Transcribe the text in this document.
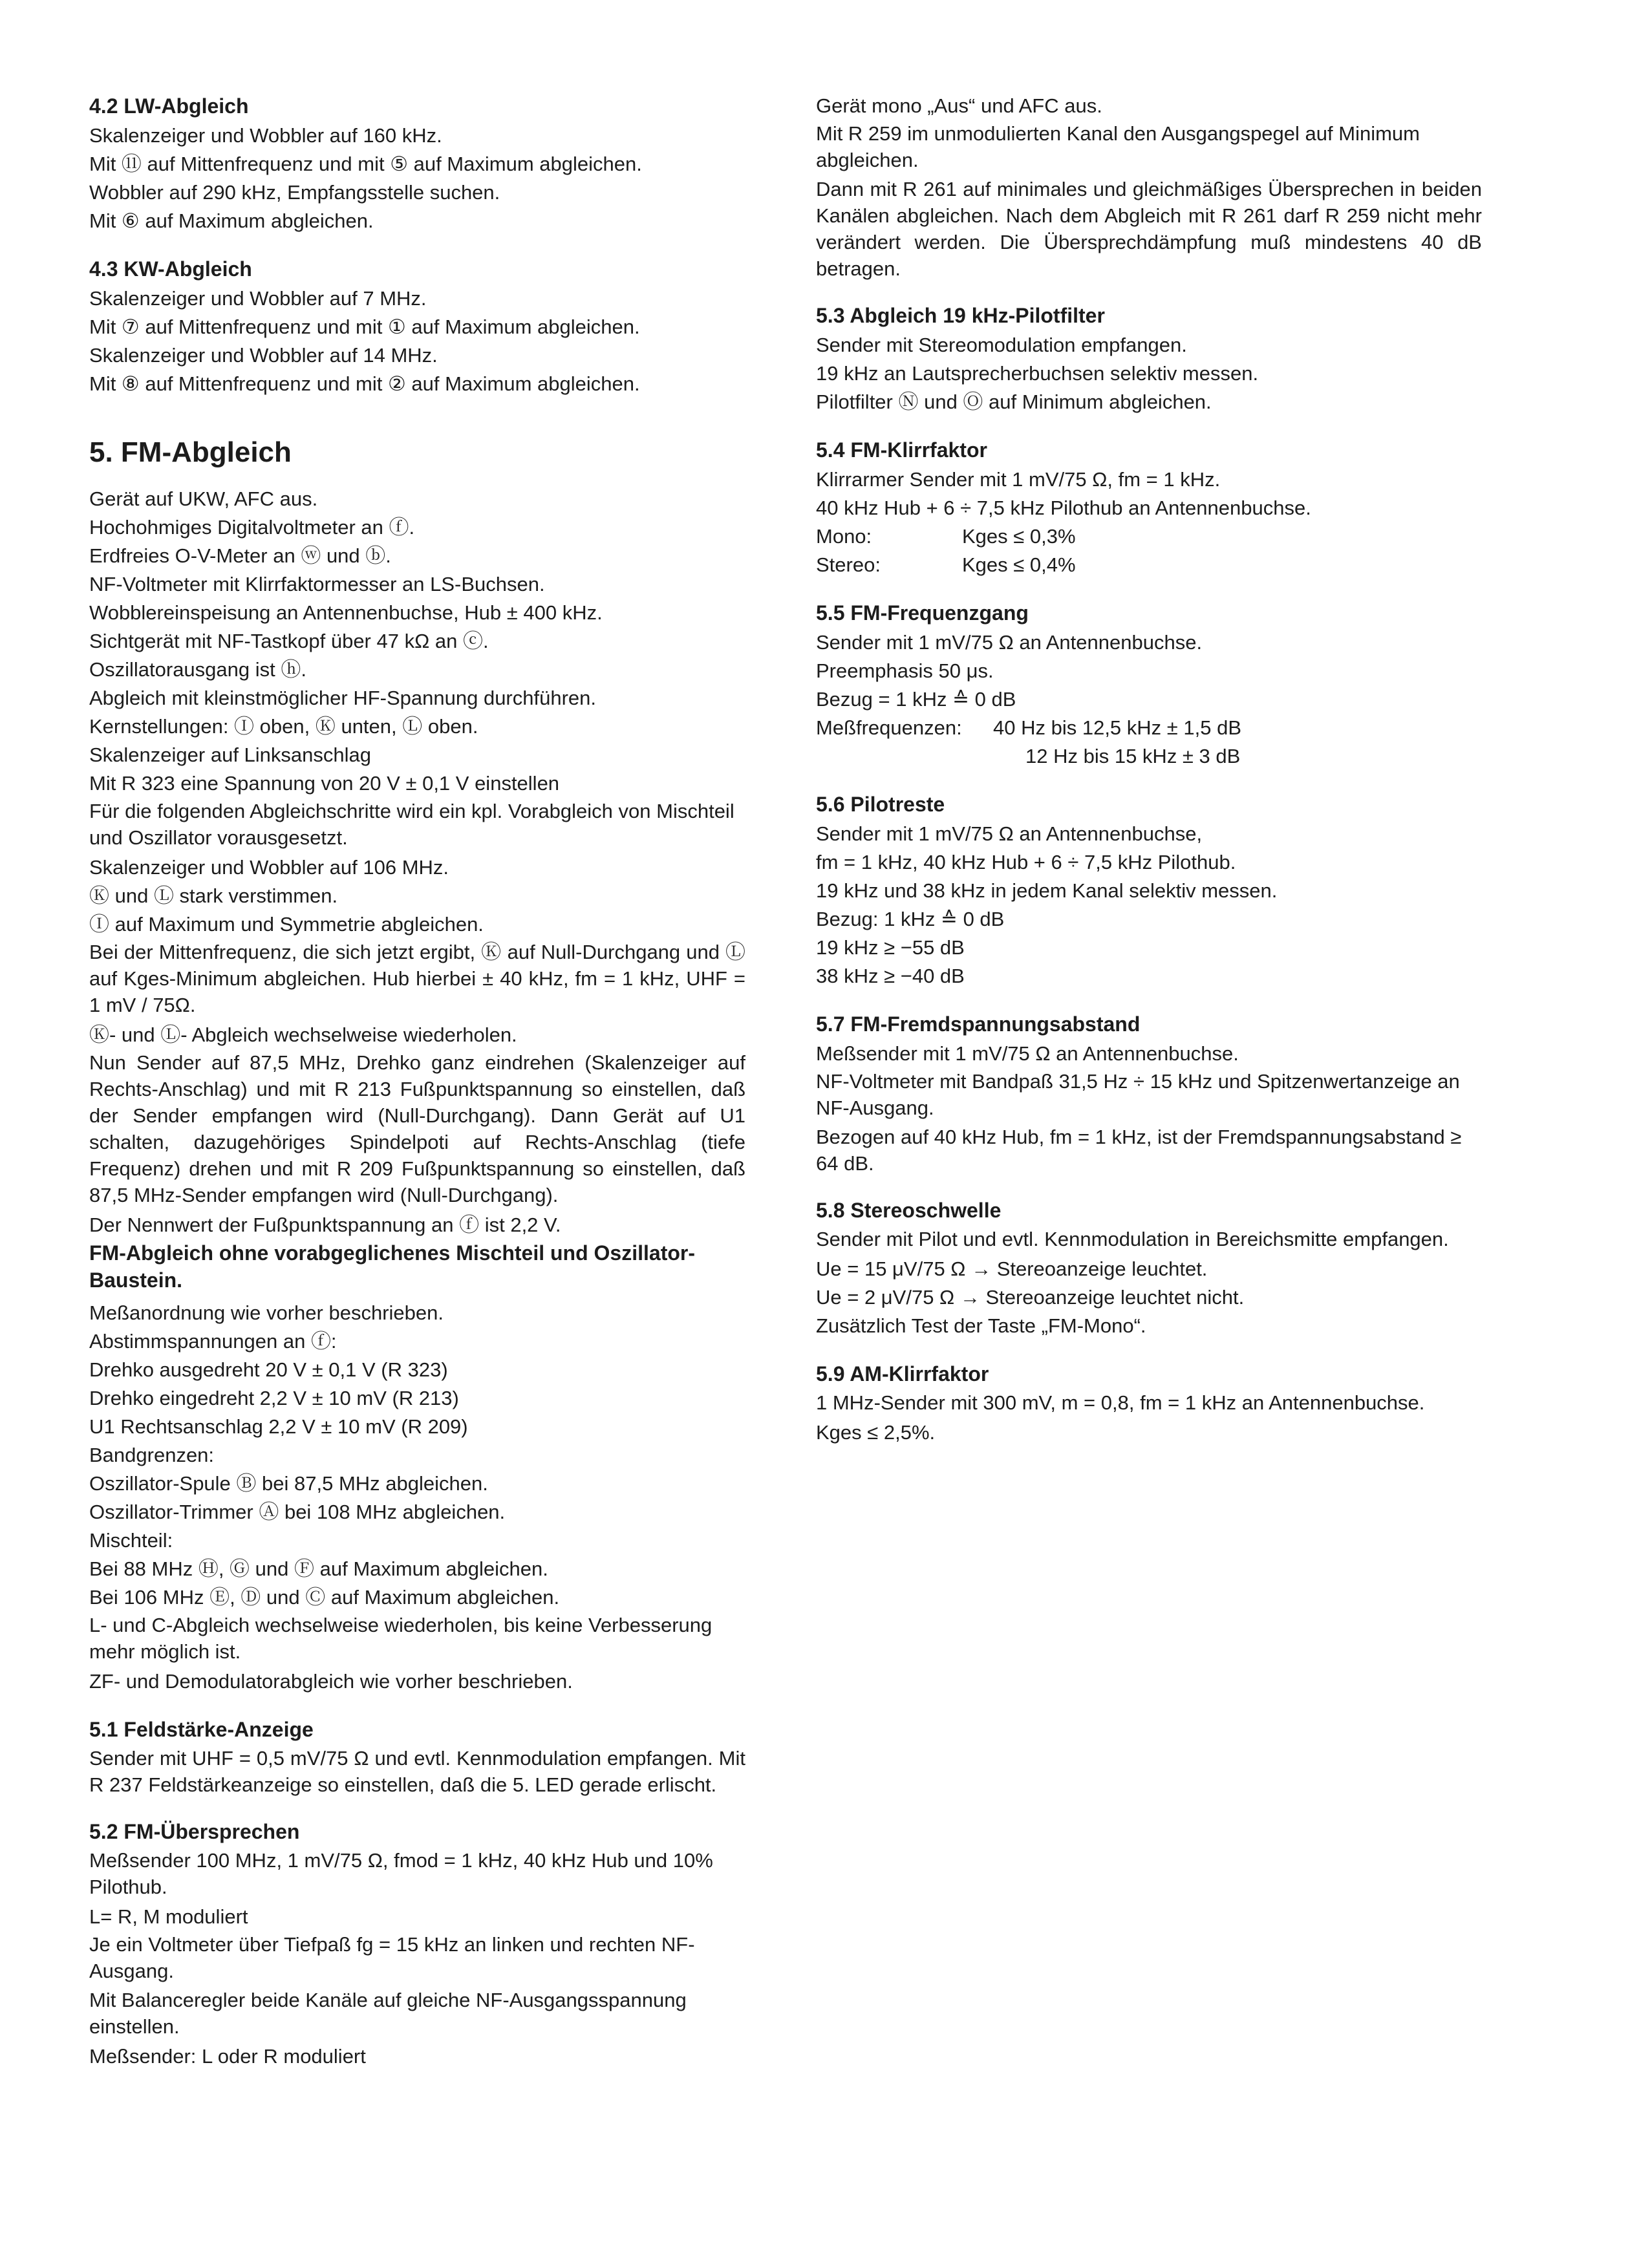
4.2 LW-Abgleich

Skalenzeiger und Wobbler auf 160 kHz.

Mit ⑪ auf Mittenfrequenz und mit ⑤ auf Maximum abgleichen.

Wobbler auf 290 kHz, Empfangsstelle suchen.

Mit ⑥ auf Maximum abgleichen.

4.3 KW-Abgleich

Skalenzeiger und Wobbler auf 7 MHz.

Mit ⑦ auf Mittenfrequenz und mit ① auf Maximum abgleichen.

Skalenzeiger und Wobbler auf 14 MHz.

Mit ⑧ auf Mittenfrequenz und mit ② auf Maximum abgleichen.

5. FM-Abgleich

Gerät auf UKW, AFC aus.

Hochohmiges Digitalvoltmeter an ⓕ.

Erdfreies O-V-Meter an ⓦ und ⓑ.

NF-Voltmeter mit Klirrfaktormesser an LS-Buchsen.

Wobblereinspeisung an Antennenbuchse, Hub ± 400 kHz.

Sichtgerät mit NF-Tastkopf über 47 kΩ an ⓒ.

Oszillatorausgang ist ⓗ.

Abgleich mit kleinstmöglicher HF-Spannung durchführen.

Kernstellungen: Ⓘ oben, Ⓚ unten, Ⓛ oben.

Skalenzeiger auf Linksanschlag

Mit R 323 eine Spannung von 20 V ± 0,1 V einstellen

Für die folgenden Abgleichschritte wird ein kpl. Vorabgleich von Mischteil und Oszillator vorausgesetzt.

Skalenzeiger und Wobbler auf 106 MHz.

Ⓚ und Ⓛ stark verstimmen.

Ⓘ auf Maximum und Symmetrie abgleichen.

Bei der Mittenfrequenz, die sich jetzt ergibt, Ⓚ auf Null-Durchgang und Ⓛ auf Kges-Minimum abgleichen. Hub hierbei ± 40 kHz, fm = 1 kHz, UHF = 1 mV / 75Ω.

Ⓚ- und Ⓛ- Abgleich wechselweise wiederholen.

Nun Sender auf 87,5 MHz, Drehko ganz eindrehen (Skalenzeiger auf Rechts-Anschlag) und mit R 213 Fußpunktspannung so einstellen, daß der Sender empfangen wird (Null-Durchgang). Dann Gerät auf U1 schalten, dazugehöriges Spindelpoti auf Rechts-Anschlag (tiefe Frequenz) drehen und mit R 209 Fußpunktspannung so einstellen, daß 87,5 MHz-Sender empfangen wird (Null-Durchgang).

Der Nennwert der Fußpunktspannung an ⓕ ist 2,2 V.

FM-Abgleich ohne vorabgeglichenes Mischteil und Oszillator-Baustein.

Meßanordnung wie vorher beschrieben.

Abstimmspannungen an ⓕ:

Drehko ausgedreht 20 V ± 0,1 V (R 323)

Drehko eingedreht 2,2 V ± 10 mV (R 213)

U1 Rechtsanschlag 2,2 V ± 10 mV (R 209)

Bandgrenzen:

Oszillator-Spule Ⓑ bei 87,5 MHz abgleichen.

Oszillator-Trimmer Ⓐ bei 108 MHz abgleichen.

Mischteil:

Bei 88 MHz Ⓗ, Ⓖ und Ⓕ auf Maximum abgleichen.

Bei 106 MHz Ⓔ, Ⓓ und Ⓒ auf Maximum abgleichen.

L- und C-Abgleich wechselweise wiederholen, bis keine Verbesserung mehr möglich ist.

ZF- und Demodulatorabgleich wie vorher beschrieben.

5.1 Feldstärke-Anzeige

Sender mit UHF = 0,5 mV/75 Ω und evtl. Kennmodulation empfangen. Mit R 237 Feldstärkeanzeige so einstellen, daß die 5. LED gerade erlischt.

5.2 FM-Übersprechen

Meßsender 100 MHz, 1 mV/75 Ω, fmod = 1 kHz, 40 kHz Hub und 10% Pilothub.

L= R, M moduliert

Je ein Voltmeter über Tiefpaß fg = 15 kHz an linken und rechten NF-Ausgang.

Mit Balanceregler beide Kanäle auf gleiche NF-Ausgangsspannung einstellen.

Meßsender: L oder R moduliert

Gerät mono „Aus“ und AFC aus.

Mit R 259 im unmodulierten Kanal den Ausgangspegel auf Minimum abgleichen.

Dann mit R 261 auf minimales und gleichmäßiges Übersprechen in beiden Kanälen abgleichen. Nach dem Abgleich mit R 261 darf R 259 nicht mehr verändert werden. Die Übersprechdämpfung muß mindestens 40 dB betragen.

5.3 Abgleich 19 kHz-Pilotfilter

Sender mit Stereomodulation empfangen.

19 kHz an Lautsprecherbuchsen selektiv messen.

Pilotfilter Ⓝ und Ⓞ auf Minimum abgleichen.

5.4 FM-Klirrfaktor

Klirrarmer Sender mit 1 mV/75 Ω, fm = 1 kHz.

40 kHz Hub + 6 ÷ 7,5 kHz Pilothub an Antennenbuchse.

Mono:	Kges ≤ 0,3%

Stereo:	Kges ≤ 0,4%

5.5 FM-Frequenzgang

Sender mit 1 mV/75 Ω an Antennenbuchse.

Preemphasis 50 μs.

Bezug = 1 kHz ≙ 0 dB

Meßfrequenzen: 40 Hz bis 12,5 kHz ± 1,5 dB

12 Hz bis 15 kHz ± 3 dB

5.6 Pilotreste

Sender mit 1 mV/75 Ω an Antennenbuchse,

fm = 1 kHz, 40 kHz Hub + 6 ÷ 7,5 kHz Pilothub.

19 kHz und 38 kHz in jedem Kanal selektiv messen.

Bezug: 1 kHz ≙ 0 dB

19 kHz ≥ −55 dB

38 kHz ≥ −40 dB

5.7 FM-Fremdspannungsabstand

Meßsender mit 1 mV/75 Ω an Antennenbuchse.

NF-Voltmeter mit Bandpaß 31,5 Hz ÷ 15 kHz und Spitzenwertanzeige an NF-Ausgang.

Bezogen auf 40 kHz Hub, fm = 1 kHz, ist der Fremdspannungsabstand ≥ 64 dB.

5.8 Stereoschwelle

Sender mit Pilot und evtl. Kennmodulation in Bereichsmitte empfangen.

Ue = 15 μV/75 Ω → Stereoanzeige leuchtet.

Ue = 2 μV/75 Ω → Stereoanzeige leuchtet nicht.

Zusätzlich Test der Taste „FM-Mono“.

5.9 AM-Klirrfaktor

1 MHz-Sender mit 300 mV, m = 0,8, fm = 1 kHz an Antennenbuchse.

Kges ≤ 2,5%.
